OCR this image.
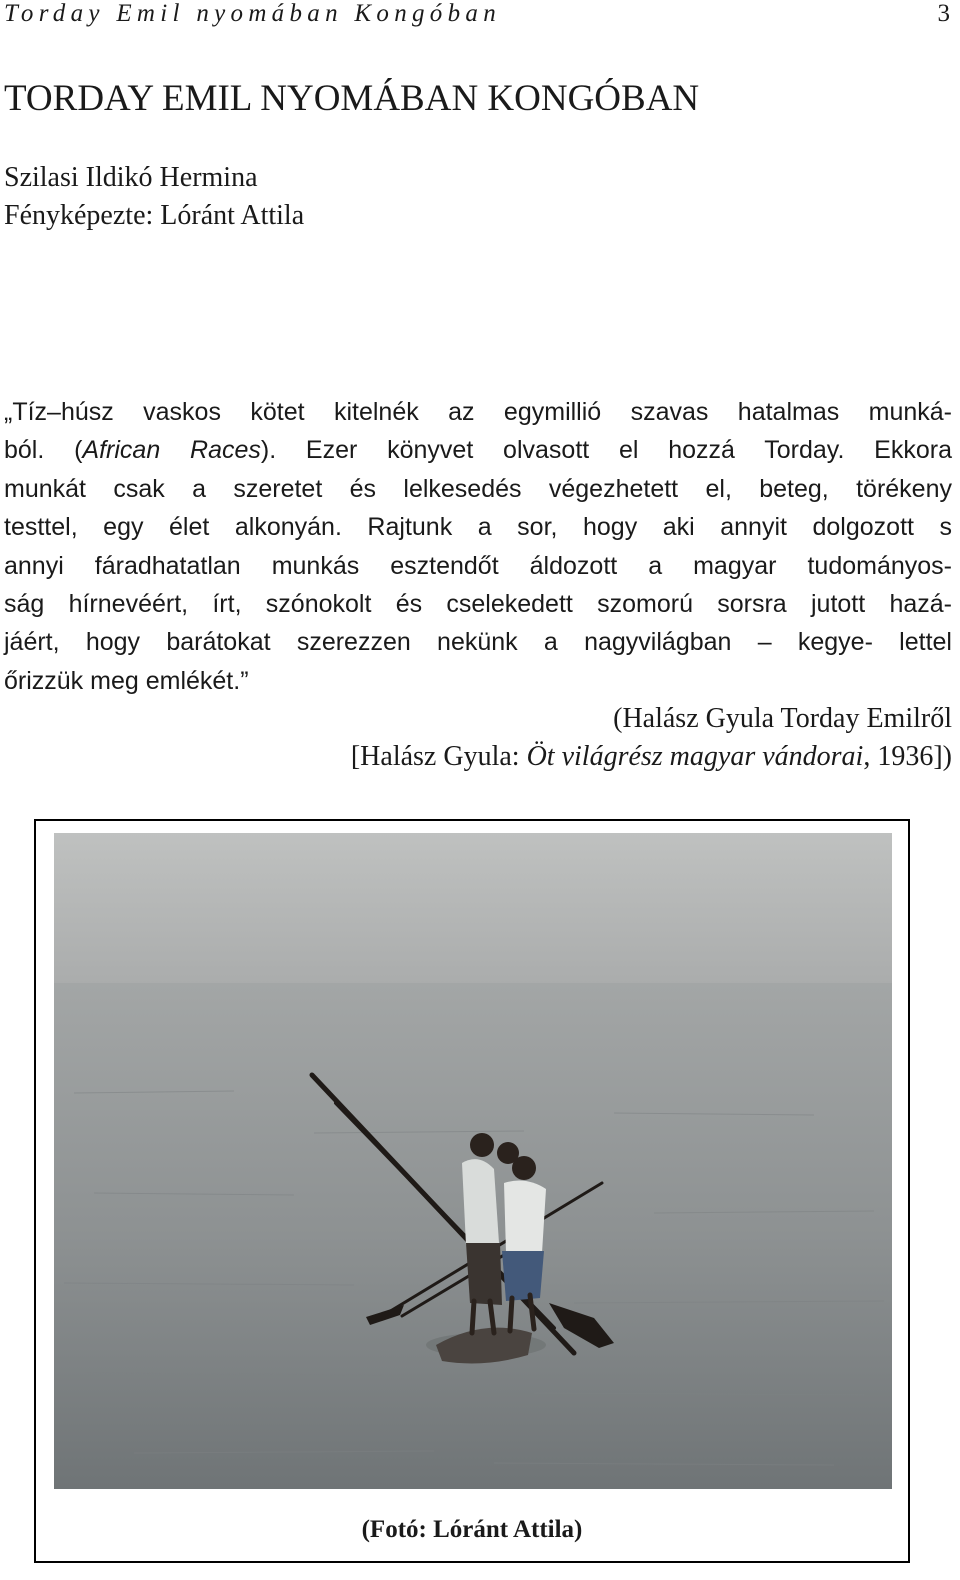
Torday Emil nyomában Kongóban	3
TORDAY EMIL NYOMÁBAN KONGÓBAN
Szilasi Ildikó Hermina
Fényképezte: Lóránt Attila
„Tíz–húsz vaskos kötet kitelnék az egymillió szavas hatalmas munká-
ból. (African Races). Ezer könyvet olvasott el hozzá Torday. Ekkora
munkát csak a szeretet és lelkesedés végezhetett el, beteg, törékeny
testtel, egy élet alkonyán. Rajtunk a sor, hogy aki annyit dolgozott s
annyi fáradhatatlan munkás esztendőt áldozott a magyar tudományos-
ság hírnevéért, írt, szónokolt és cselekedett szomorú sorsra jutott hazá-
jáért, hogy barátokat szerezzen nekünk a nagyvilágban – kegye- lettel
őrizzük meg emlékét.”
(Halász Gyula Torday Emilről
[Halász Gyula: Öt világrész magyar vándorai, 1936])
(Fotó: Lóránt Attila)
